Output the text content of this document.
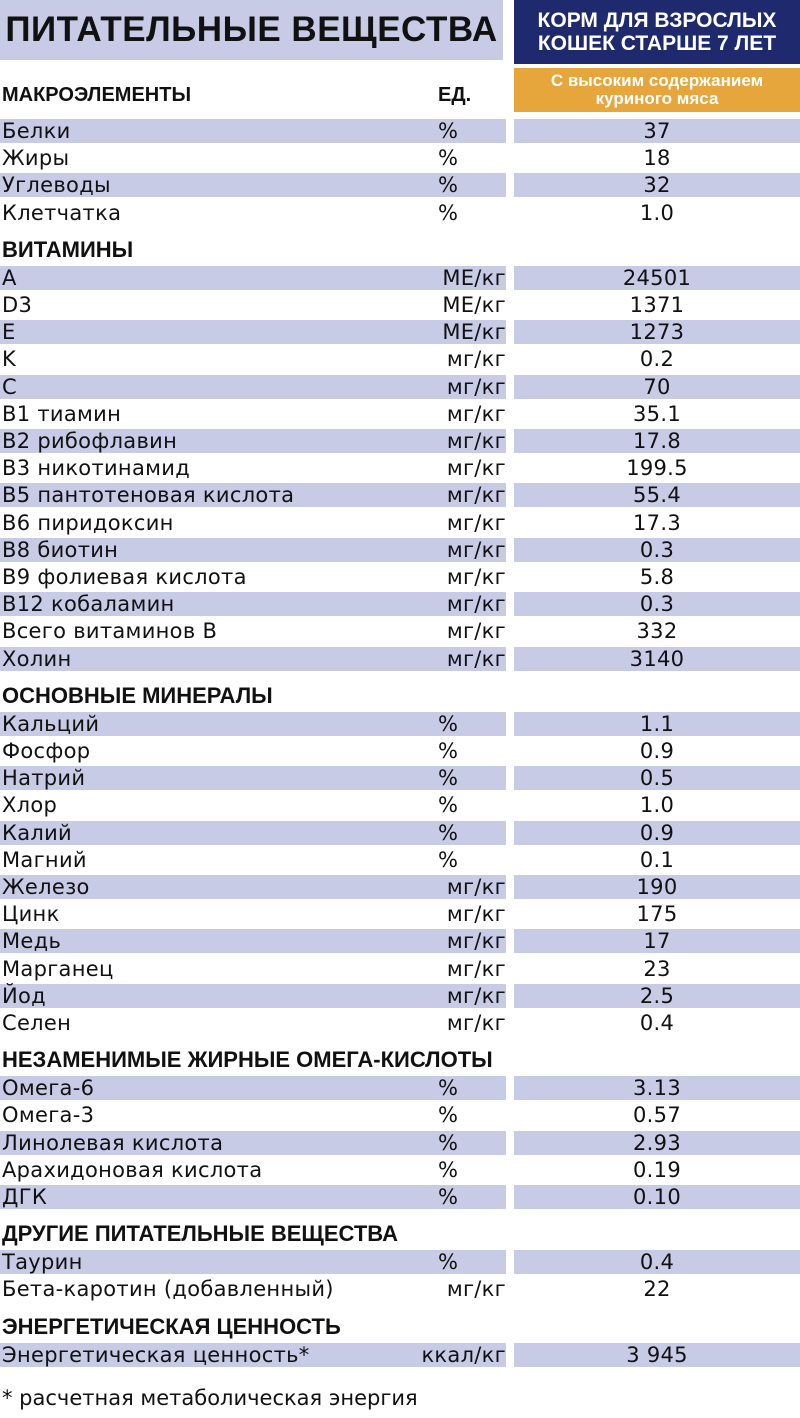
ПИТАТЕЛЬНЫЕ ВЕЩЕСТВА КОРМ ДЛЯ ВЗРОСЛЫХ
КОШЕК СТАРШЕ 7 ЛЕТ
С высоким содержанием
куриного мяса
МАКРОЭЛЕМЕНТЫ	ЕД.
Белки	%	37
Жиры	%	18
Углеводы	%	32
Клетчатка	%	1.0
ВИТАМИНЫ
A	МЕ/кг	24501
D3	МЕ/кг	1371
E	МЕ/кг	1273
K	мг/кг	0.2
C	мг/кг	70
B1 тиамин	мг/кг	35.1
B2 рибофлавин	мг/кг	17.8
B3 никотинамид	мг/кг	199.5
B5 пантотеновая кислота	мг/кг	55.4
B6 пиридоксин	мг/кг	17.3
B8 биотин	мг/кг	0.3
B9 фолиевая кислота	мг/кг	5.8
B12 кобаламин	мг/кг	0.3
Всего витаминов В	мг/кг	332
Холин	мг/кг	3140
ОСНОВНЫЕ МИНЕРАЛЫ
Кальций	%	1.1
Фосфор	%	0.9
Натрий	%	0.5
Хлор	%	1.0
Калий	%	0.9
Магний	%	0.1
Железо	мг/кг	190
Цинк	мг/кг	175
Медь	мг/кг	17
Марганец	мг/кг	23
Йод	мг/кг	2.5
Селен	мг/кг	0.4
НЕЗАМЕНИМЫЕ ЖИРНЫЕ ОМЕГА-КИСЛОТЫ
Омега-6	%	3.13
Омега-3	%	0.57
Линолевая кислота	%	2.93
Арахидоновая кислота	%	0.19
ДГК	%	0.10
ДРУГИЕ ПИТАТЕЛЬНЫЕ ВЕЩЕСТВА
Таурин	%	0.4
Бета-каротин (добавленный)	мг/кг	22
ЭНЕРГЕТИЧЕСКАЯ ЦЕННОСТЬ
Энергетическая ценность*	ккал/кг	3 945
* расчетная метаболическая энергия
